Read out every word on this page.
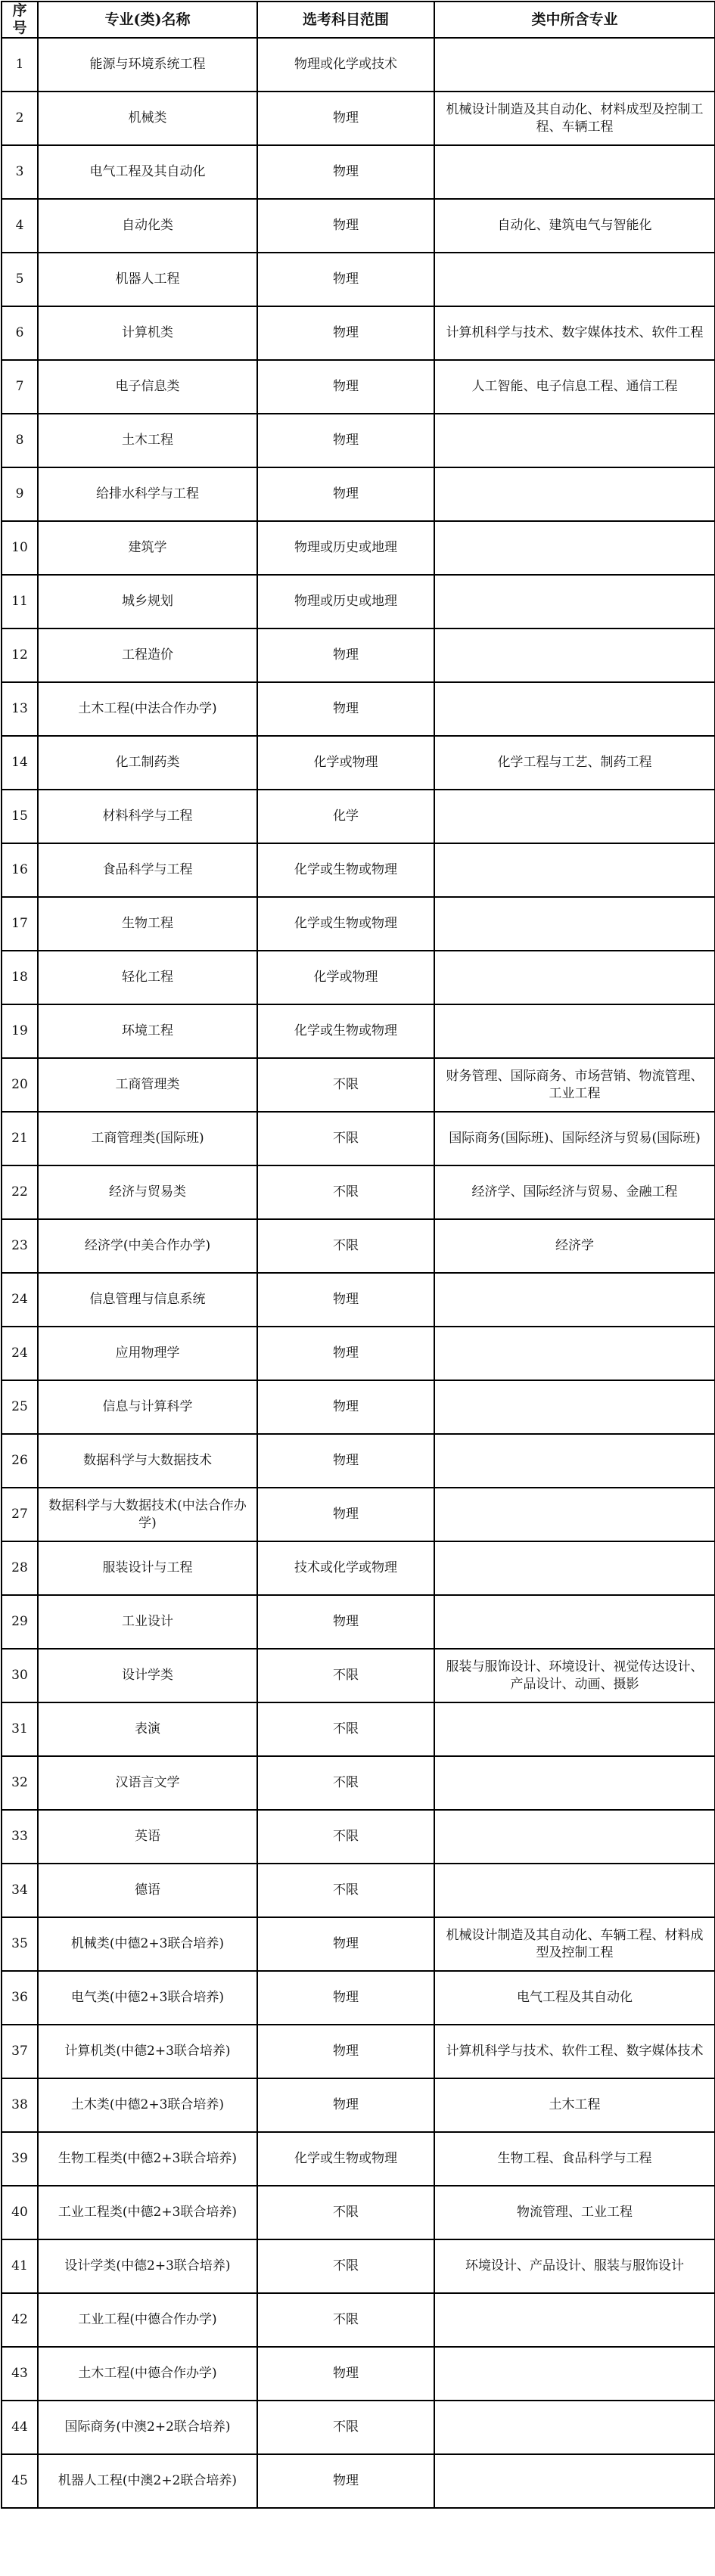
序号	专业(类)名称	选考科目范围	类中所含专业
1	能源与环境系统工程	物理或化学或技术	
2	机械类	物理	机械设计制造及其自动化、材料成型及控制工程、车辆工程
3	电气工程及其自动化	物理	
4	自动化类	物理	自动化、建筑电气与智能化
5	机器人工程	物理	
6	计算机类	物理	计算机科学与技术、数字媒体技术、软件工程
7	电子信息类	物理	人工智能、电子信息工程、通信工程
8	土木工程	物理	
9	给排水科学与工程	物理	
10	建筑学	物理或历史或地理	
11	城乡规划	物理或历史或地理	
12	工程造价	物理	
13	土木工程(中法合作办学)	物理	
14	化工制药类	化学或物理	化学工程与工艺、制药工程
15	材料科学与工程	化学	
16	食品科学与工程	化学或生物或物理	
17	生物工程	化学或生物或物理	
18	轻化工程	化学或物理	
19	环境工程	化学或生物或物理	
20	工商管理类	不限	财务管理、国际商务、市场营销、物流管理、工业工程
21	工商管理类(国际班)	不限	国际商务(国际班)、国际经济与贸易(国际班)
22	经济与贸易类	不限	经济学、国际经济与贸易、金融工程
23	经济学(中美合作办学)	不限	经济学
24	信息管理与信息系统	物理	
24	应用物理学	物理	
25	信息与计算科学	物理	
26	数据科学与大数据技术	物理	
27	数据科学与大数据技术(中法合作办学)	物理	
28	服装设计与工程	技术或化学或物理	
29	工业设计	物理	
30	设计学类	不限	服装与服饰设计、环境设计、视觉传达设计、产品设计、动画、摄影
31	表演	不限	
32	汉语言文学	不限	
33	英语	不限	
34	德语	不限	
35	机械类(中德2+3联合培养)	物理	机械设计制造及其自动化、车辆工程、材料成型及控制工程
36	电气类(中德2+3联合培养)	物理	电气工程及其自动化
37	计算机类(中德2+3联合培养)	物理	计算机科学与技术、软件工程、数字媒体技术
38	土木类(中德2+3联合培养)	物理	土木工程
39	生物工程类(中德2+3联合培养)	化学或生物或物理	生物工程、食品科学与工程
40	工业工程类(中德2+3联合培养)	不限	物流管理、工业工程
41	设计学类(中德2+3联合培养)	不限	环境设计、产品设计、服装与服饰设计
42	工业工程(中德合作办学)	不限	
43	土木工程(中德合作办学)	物理	
44	国际商务(中澳2+2联合培养)	不限	
45	机器人工程(中澳2+2联合培养)	物理	
